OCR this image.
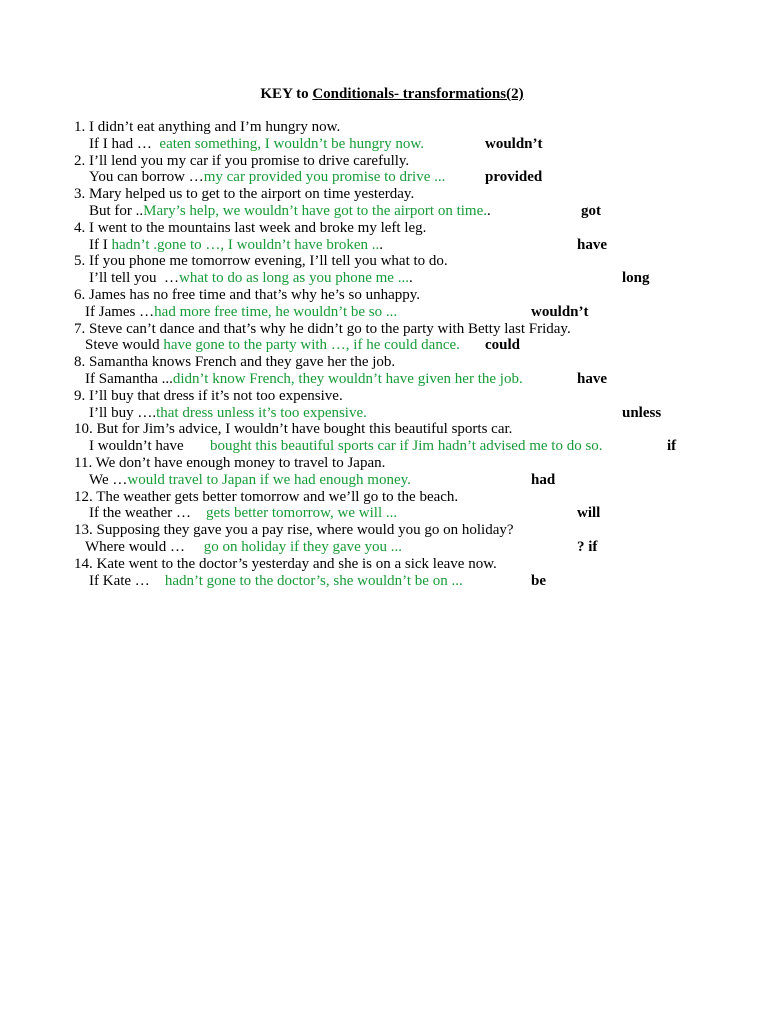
KEY to Conditionals- transformations(2)
1. I didn’t eat anything and I’m hungry now.
If I had …  eaten something, I wouldn’t be hungry now.	wouldn’t
2. I’ll lend you my car if you promise to drive carefully.
You can borrow …my car provided you promise to drive ...	provided
3. Mary helped us to get to the airport on time yesterday.
But for ..Mary’s help, we wouldn’t have got to the airport on time..	got
4. I went to the mountains last week and broke my left leg.
If I hadn’t .gone to …, I wouldn’t have broken ...	have
5. If you phone me tomorrow evening, I’ll tell you what to do.
I’ll tell you  …what to do as long as you phone me ....	long
6. James has no free time and that’s why he’s so unhappy.
If James …had more free time, he wouldn’t be so ...	wouldn’t
7. Steve can’t dance and that’s why he didn’t go to the party with Betty last Friday.
Steve would have gone to the party with …, if he could dance. could
8. Samantha knows French and they gave her the job.
If Samantha ...didn’t know French, they wouldn’t have given her the job.	have
9. I’ll buy that dress if it’s not too expensive.
I’ll buy ….that dress unless it’s too expensive.	unless
10. But for Jim’s advice, I wouldn’t have bought this beautiful sports car.
I wouldn’t have       bought this beautiful sports car if Jim hadn’t advised me to do so.	if
11. We don’t have enough money to travel to Japan.
We …would travel to Japan if we had enough money.	had
12. The weather gets better tomorrow and we’ll go to the beach.
If the weather …    gets better tomorrow, we will ...	will
13. Supposing they gave you a pay rise, where would you go on holiday?
Where would …     go on holiday if they gave you ...	? if
14. Kate went to the doctor’s yesterday and she is on a sick leave now.
If Kate …    hadn’t gone to the doctor’s, she wouldn’t be on ...	be
